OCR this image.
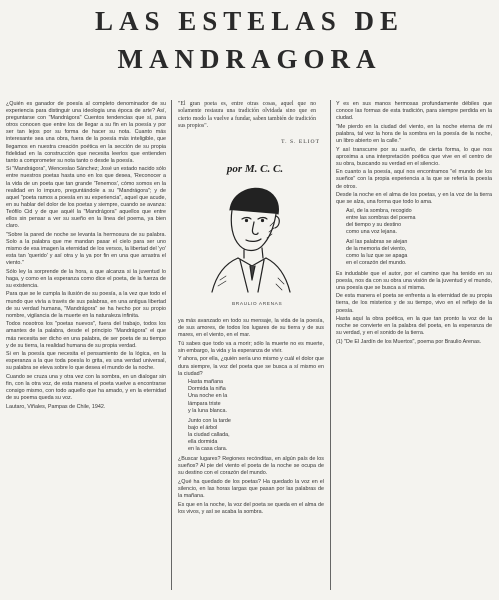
LAS ESTELAS DE
MANDRAGORA

¿Quién es ganador de poesía al completo denominador de su experiencia para distinguir una ideologia una época de arte? Así, preguntarse con "Mandrágora" Cuentos tendencias que sí, para otros conocen que entre los de llegar a su fin en la poesía y por ser tan lejos por su forma de hacer su nota. Cuanto más interesante sea una obra, fuera de la poesía más inteligible, que llegamos en nuestra creación poética en la sección de su propia fidelidad en la construcción que necesita leerlos que entienden tanto a comprometer su nota tanto o desde la poesía.

Si "Mandrágora", Wenceslao Sánchez; José un estado nacido sólo entre nuestros poetas hasta uno en los que desea, 'Reconocer a la vida de un poeta que tan grande 'Tenemos', cómo somos en la realidad en lo impuro, preguntándole a su "Mandrágora"; y de aquel "poeta ramos a poesía en su experiencia", aquel que acude, en su hablar del dolor de los poetas y siempre, cuando se avanza: Teófilo Cid y de que aquél la "Mandrágora" aquellos que entre ellos sin pensar a ver su sueño en la línea del poema, ya bien claro.

"Sobre la pared de noche se levanta la hermosura de su palabra. Solo a la palabra que me mandan pasar el cielo para ser uno mismo de esa imagen la eternidad de los versos, la libertad del 'yo' esta tan 'querido' y así otra y la ya por fin en una que arrastra el viento."

Sólo ley la sorprende de la hora, a que alcanza si la juventud lo haga, y como en la esperanza como dice el poeta, de la fuerza de su existencia.

Para que se le cumpla la ilusión de su poesía, a la vez que todo el mundo que vivía a través de sus palabras, en una antigua libertad de su verdad humana, "Mandrágora" se ha hecho por su propio nombre, vigilancia de la muerte en la naturaleza infinita.

Todos nosotros los "poetas nuevos", fuera del trabajo, todos los amantes de la palabra, desde el principio "Mandrágora" el que más necesita ser dicho en una palabra, de ser poeta de su tiempo y de su tierra, la realidad humana de su propia verdad.

Si en la poesía que necesita el pensamiento de la lógica, en la esperanza a la que toda poesía lo grita, es una verdad universal, su palabra se eleva sobre lo que desea el mundo de la noche.

Cuando se cruza una y otra vez con la sombra, en un dialogar sin fin, con la otra voz, de esta manera el poeta vuelve a encontrarse consigo mismo, con todo aquello que ha amado, y en la eternidad de su poema queda su voz.

Lautaro, Viñales, Pampas de Chile, 1942.

"El gran poeta es, entre otras cosas, aquel que no solamente restaura una tradición olvidada sino que en cierto modo la vuelve a fundar, saben también de tradición sus propios".
T. S. ELIOT
por M. C. C.
BRAULIO ARENAS

ya más avanzado en todo su mensaje, la vida de la poesía, de sus amores, de todos los lugares de su tierra y de sus mares, en el viento, en el mar.

Tú sabes que todo va a morir; sólo la muerte no es muerte, sin embargo, la vida y la esperanza de vivir.

Y ahora, por ella, ¿quién sería uno mismo y cuál el dolor que dura siempre, la voz del poeta que se busca a sí mismo en la ciudad?

Hasta mañana
Dormida la niña
Una noche en la
lámpara triste
y la luna blanca.
Junto con la tarde
bajo el árbol
la ciudad callada,
ella dormida
en la casa clara.

¿Buscar lugares? Regiones recónditas, en algún país de los sueños? Al pie del viento el poeta de la noche se ocupa de su destino con el corazón del mundo.

¿Qué ha quedado de los poetas? Ha quedado la voz en el silencio, en las horas largas que pasan por las palabras de la mañana.

Es que en la noche, la voz del poeta se queda en el alma de los vivos, y así se acaba la sombra.

Y es en sus manos hermosas profundamente débiles que conoce las formas de esta tradición, para siempre perdida en la ciudad.

"Me pierdo en la ciudad del viento, en la noche eterna de mi palabra, tal vez la hora de la sombra en la poesía de la noche, un libro abierto en la calle."

Y así transcurre por su sueño, de cierta forma, lo que nos aproxima a una interpretación poética que vive en el centro de su obra, buscando su verdad en el silencio.

En cuanto a la poesía, aquí nos encontramos "el mundo de los sueños" con la propia experiencia a la que se refería la poesía de otros.

Desde la noche en el alma de los poetas, y en la voz de la tierra que se alza, una forma que todo lo ama.

Así, de la sombra, recogido
entre las sombras del poema
del tiempo y su destino
como una voz lejana.
Así las palabras se alejan
de la memoria del viento,
como la luz que se apaga
en el corazón del mundo.

Es indudable que el autor, por el camino que ha tenido en su poesía, nos da con su obra una visión de la juventud y el mundo, una poesía que se busca a sí misma.

De esta manera el poeta se enfrenta a la eternidad de su propia tierra, de los misterios y de su tiempo, vivo en el reflejo de la poesía.

Hasta aquí la obra poética, en la que tan pronto la voz de la noche se convierte en la palabra del poeta, en la esperanza de su verdad, y en el sonido de la tierra.

(1) "De El Jardín de los Muertos", poema por Braulio Arenas.
